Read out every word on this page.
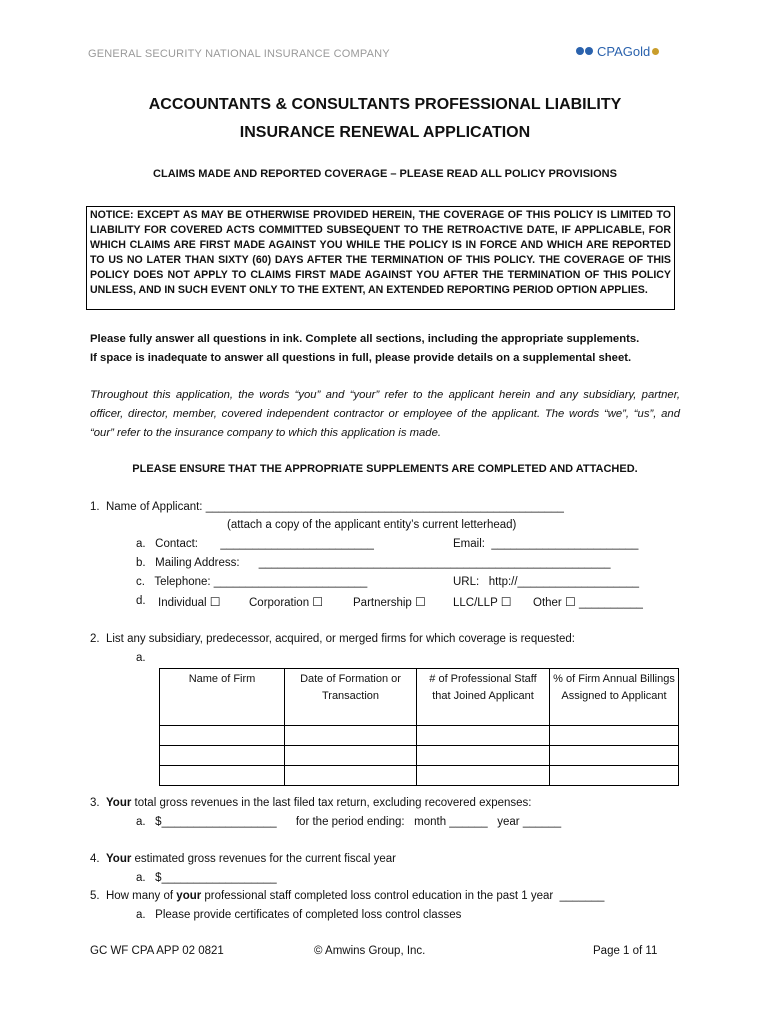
GENERAL SECURITY NATIONAL INSURANCE COMPANY	CPAGold
ACCOUNTANTS & CONSULTANTS PROFESSIONAL LIABILITY
INSURANCE RENEWAL APPLICATION
CLAIMS MADE AND REPORTED COVERAGE – PLEASE READ ALL POLICY PROVISIONS
NOTICE: EXCEPT AS MAY BE OTHERWISE PROVIDED HEREIN, THE COVERAGE OF THIS POLICY IS LIMITED TO LIABILITY FOR COVERED ACTS COMMITTED SUBSEQUENT TO THE RETROACTIVE DATE, IF APPLICABLE, FOR WHICH CLAIMS ARE FIRST MADE AGAINST YOU WHILE THE POLICY IS IN FORCE AND WHICH ARE REPORTED TO US NO LATER THAN SIXTY (60) DAYS AFTER THE TERMINATION OF THIS POLICY. THE COVERAGE OF THIS POLICY DOES NOT APPLY TO CLAIMS FIRST MADE AGAINST YOU AFTER THE TERMINATION OF THIS POLICY UNLESS, AND IN SUCH EVENT ONLY TO THE EXTENT, AN EXTENDED REPORTING PERIOD OPTION APPLIES.
Please fully answer all questions in ink. Complete all sections, including the appropriate supplements.
If space is inadequate to answer all questions in full, please provide details on a supplemental sheet.
Throughout this application, the words “you” and “your” refer to the applicant herein and any subsidiary, partner, officer, director, member, covered independent contractor or employee of the applicant. The words “we”, “us”, and “our” refer to the insurance company to which this application is made.
PLEASE ENSURE THAT THE APPROPRIATE SUPPLEMENTS ARE COMPLETED AND ATTACHED.
1.  Name of Applicant: ________________________________________________________
(attach a copy of the applicant entity’s current letterhead)
a.   Contact:       ________________________	Email:  _______________________
b.   Mailing Address:      _______________________________________________________
c.   Telephone: ________________________	URL:   http://___________________
d. Individual ☐ Corporation ☐	Partnership ☐ LLC/LLP ☐ Other ☐ __________
2.  List any subsidiary, predecessor, acquired, or merged firms for which coverage is requested:
a.
Name of Firm	Date of Formation or Transaction	# of Professional Staff that Joined Applicant	% of Firm Annual Billings Assigned to Applicant

3. Your total gross revenues in the last filed tax return, excluding recovered expenses:
a.   $__________________      for the period ending:   month ______   year ______
4. Your estimated gross revenues for the current fiscal year
a.   $__________________
5. How many of your professional staff completed loss control education in the past 1 year  _______
a.   Please provide certificates of completed loss control classes
GC WF CPA APP 02 0821	© Amwins Group, Inc.	Page 1 of 11
